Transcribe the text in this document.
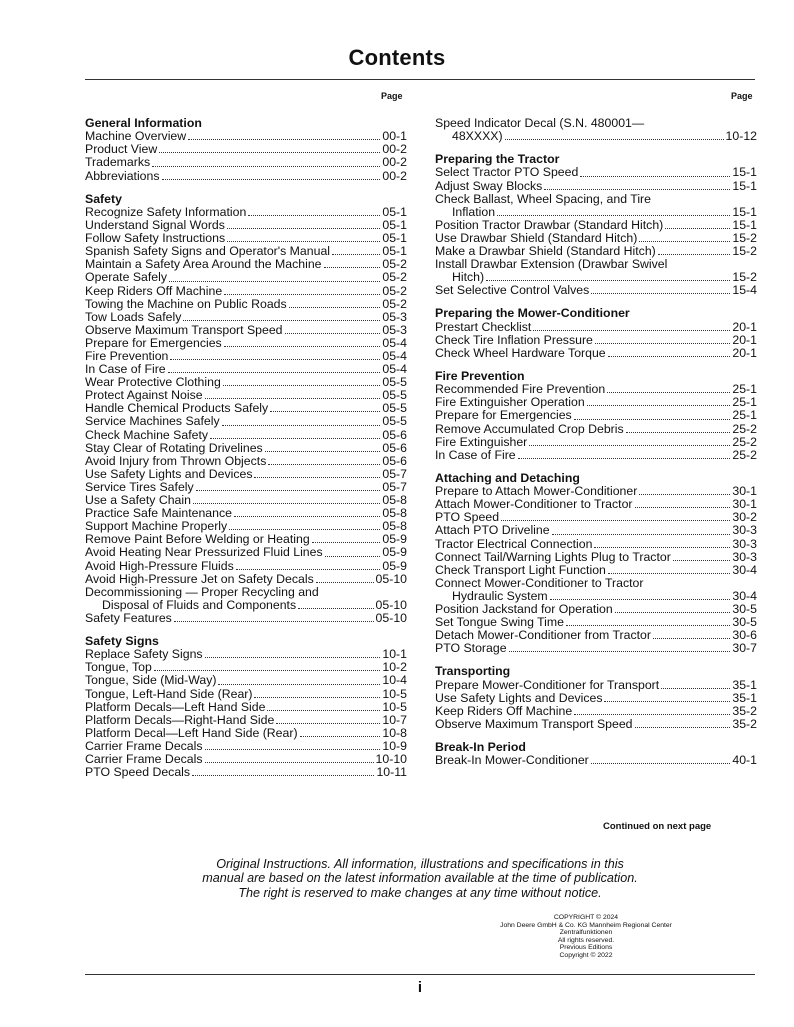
Contents
Page	Page
General Information
Machine Overview	00-1
Product View	00-2
Trademarks	00-2
Abbreviations	00-2
Safety
Recognize Safety Information	05-1
Understand Signal Words	05-1
Follow Safety Instructions	05-1
Spanish Safety Signs and Operator's Manual	05-1
Maintain a Safety Area Around the Machine	05-2
Operate Safely	05-2
Keep Riders Off Machine	05-2
Towing the Machine on Public Roads	05-2
Tow Loads Safely	05-3
Observe Maximum Transport Speed	05-3
Prepare for Emergencies	05-4
Fire Prevention	05-4
In Case of Fire	05-4
Wear Protective Clothing	05-5
Protect Against Noise	05-5
Handle Chemical Products Safely	05-5
Service Machines Safely	05-5
Check Machine Safety	05-6
Stay Clear of Rotating Drivelines	05-6
Avoid Injury from Thrown Objects	05-6
Use Safety Lights and Devices	05-7
Service Tires Safely	05-7
Use a Safety Chain	05-8
Practice Safe Maintenance	05-8
Support Machine Properly	05-8
Remove Paint Before Welding or Heating	05-9
Avoid Heating Near Pressurized Fluid Lines	05-9
Avoid High-Pressure Fluids	05-9
Avoid High-Pressure Jet on Safety Decals	05-10
Decommissioning — Proper Recycling and
Disposal of Fluids and Components	05-10
Safety Features	05-10
Safety Signs
Replace Safety Signs	10-1
Tongue, Top	10-2
Tongue, Side (Mid-Way)	10-4
Tongue, Left-Hand Side (Rear)	10-5
Platform Decals—Left Hand Side	10-5
Platform Decals—Right-Hand Side	10-7
Platform Decal—Left Hand Side (Rear)	10-8
Carrier Frame Decals	10-9
Carrier Frame Decals	10-10
PTO Speed Decals	10-11
Speed Indicator Decal (S.N. 480001—
48XXXX)	10-12
Preparing the Tractor
Select Tractor PTO Speed	15-1
Adjust Sway Blocks	15-1
Check Ballast, Wheel Spacing, and Tire
Inflation	15-1
Position Tractor Drawbar (Standard Hitch)	15-1
Use Drawbar Shield (Standard Hitch)	15-2
Make a Drawbar Shield (Standard Hitch)	15-2
Install Drawbar Extension (Drawbar Swivel
Hitch)	15-2
Set Selective Control Valves	15-4
Preparing the Mower-Conditioner
Prestart Checklist	20-1
Check Tire Inflation Pressure	20-1
Check Wheel Hardware Torque	20-1
Fire Prevention
Recommended Fire Prevention	25-1
Fire Extinguisher Operation	25-1
Prepare for Emergencies	25-1
Remove Accumulated Crop Debris	25-2
Fire Extinguisher	25-2
In Case of Fire	25-2
Attaching and Detaching
Prepare to Attach Mower-Conditioner	30-1
Attach Mower-Conditioner to Tractor	30-1
PTO Speed	30-2
Attach PTO Driveline	30-3
Tractor Electrical Connection	30-3
Connect Tail/Warning Lights Plug to Tractor	30-3
Check Transport Light Function	30-4
Connect Mower-Conditioner to Tractor
Hydraulic System	30-4
Position Jackstand for Operation	30-5
Set Tongue Swing Time	30-5
Detach Mower-Conditioner from Tractor	30-6
PTO Storage	30-7
Transporting
Prepare Mower-Conditioner for Transport	35-1
Use Safety Lights and Devices	35-1
Keep Riders Off Machine	35-2
Observe Maximum Transport Speed	35-2
Break-In Period
Break-In Mower-Conditioner	40-1
Continued on next page
Original Instructions. All information, illustrations and specifications in this
manual are based on the latest information available at the time of publication.
The right is reserved to make changes at any time without notice.
COPYRIGHT © 2024
John Deere GmbH & Co. KG Mannheim Regional Center
Zentralfunktionen
All rights reserved.
Previous Editions
Copyright © 2022
i
